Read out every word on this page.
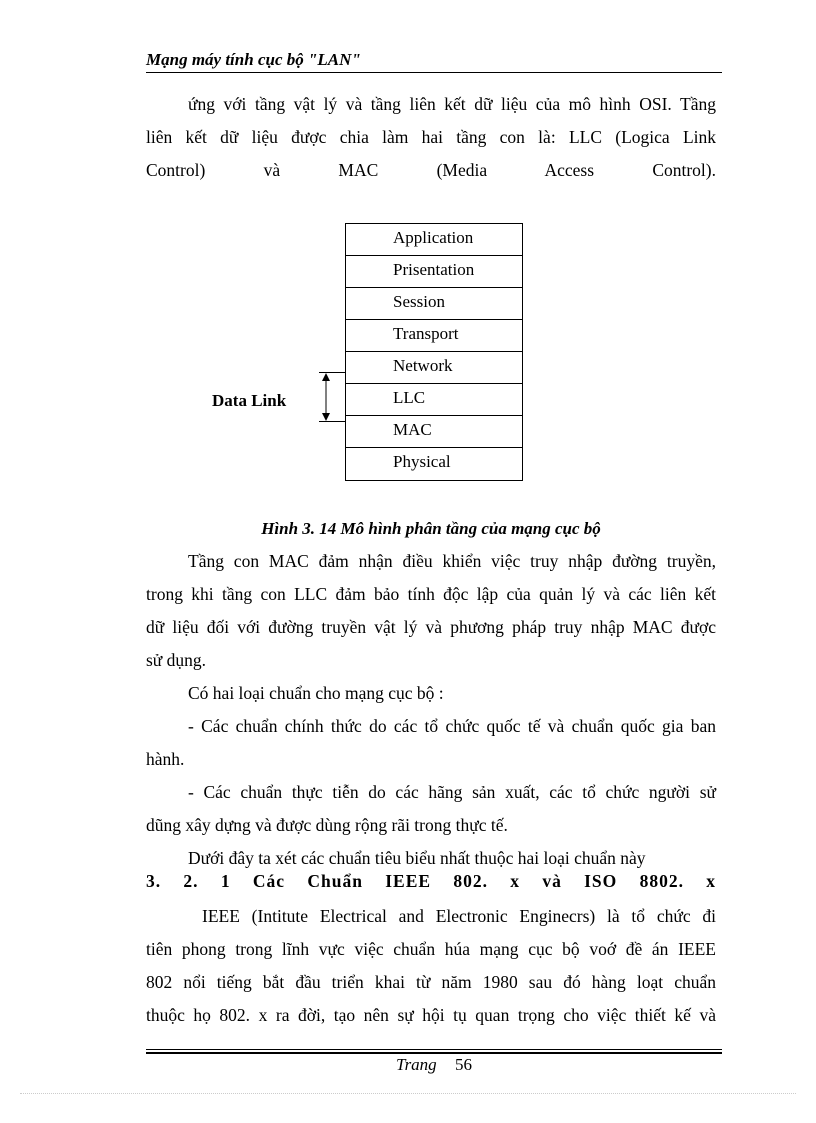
Mạng máy tính cục bộ "LAN"
ứng với tầng vật lý và tầng liên kết dữ liệu của mô hình OSI. Tầng
liên kết dữ liệu được chia làm hai tầng con là: LLC (Logica Link
Control) và MAC (Media Access Control).
Application
Prisentation
Session
Transport
Network
LLC
MAC
Physical
Data Link
Hình 3. 14 Mô hình phân tầng của mạng cục bộ
Tầng con MAC đảm nhận điều khiển việc truy nhập đường truyền,
trong khi tầng con LLC đảm bảo tính độc lập của quản lý và các liên kết
dữ liệu đối với đường truyền vật lý và phương pháp truy nhập MAC được
sử dụng.
Có hai loại chuẩn cho mạng cục bộ :
- Các chuẩn chính thức do các tổ chức quốc tế và chuẩn quốc gia ban
hành.
- Các chuẩn thực tiễn do các hãng sản xuất, các tổ chức người sử
dũng xây dựng và được dùng rộng rãi trong thực tế.
Dưới đây ta xét các chuẩn tiêu biểu nhất thuộc hai loại chuẩn này
3. 2. 1 Các Chuẩn IEEE 802. x và ISO 8802. x
IEEE (Intitute Electrical and Electronic Enginecrs) là tổ chức đi
tiên phong trong lĩnh vực việc chuẩn húa mạng cục bộ voớ đề án IEEE
802 nổi tiếng bắt đầu triển khai từ năm 1980 sau đó hàng loạt chuẩn
thuộc họ 802. x ra đời, tạo nên sự hội tụ quan trọng cho việc thiết kế và
Trang 56
